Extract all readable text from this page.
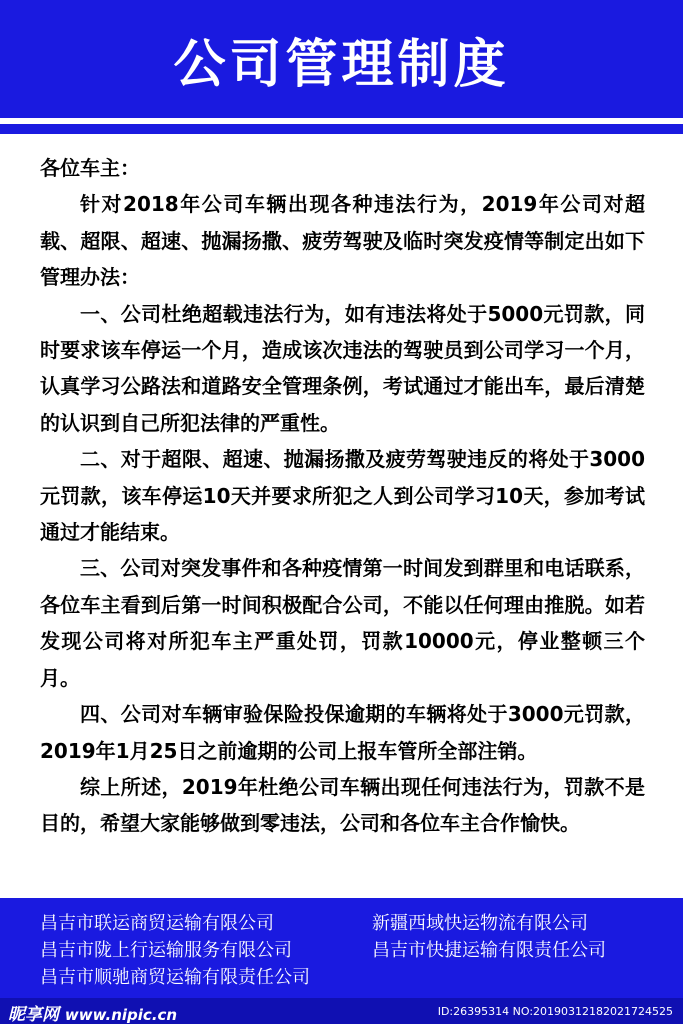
公司管理制度

各位车主：

针对2018年公司车辆出现各种违法行为，2019年公司对超载、超限、超速、抛漏扬撒、疲劳驾驶及临时突发疫情等制定出如下管理办法：

一、公司杜绝超载违法行为，如有违法将处于5000元罚款，同时要求该车停运一个月，造成该次违法的驾驶员到公司学习一个月，认真学习公路法和道路安全管理条例，考试通过才能出车，最后清楚的认识到自己所犯法律的严重性。

二、对于超限、超速、抛漏扬撒及疲劳驾驶违反的将处于3000元罚款，该车停运10天并要求所犯之人到公司学习10天，参加考试通过才能结束。

三、公司对突发事件和各种疫情第一时间发到群里和电话联系，各位车主看到后第一时间积极配合公司，不能以任何理由推脱。如若发现公司将对所犯车主严重处罚，罚款10000元，停业整顿三个月。

四、公司对车辆审验保险投保逾期的车辆将处于3000元罚款，2019年1月25日之前逾期的公司上报车管所全部注销。

综上所述，2019年杜绝公司车辆出现任何违法行为，罚款不是目的，希望大家能够做到零违法，公司和各位车主合作愉快。

昌吉市联运商贸运输有限公司	新疆西域快运物流有限公司
昌吉市陇上行运输服务有限公司	昌吉市快捷运输有限责任公司
昌吉市顺驰商贸运输有限责任公司
昵享网 www.nipic.cn	ID:26395314 NO:20190312182021724525
